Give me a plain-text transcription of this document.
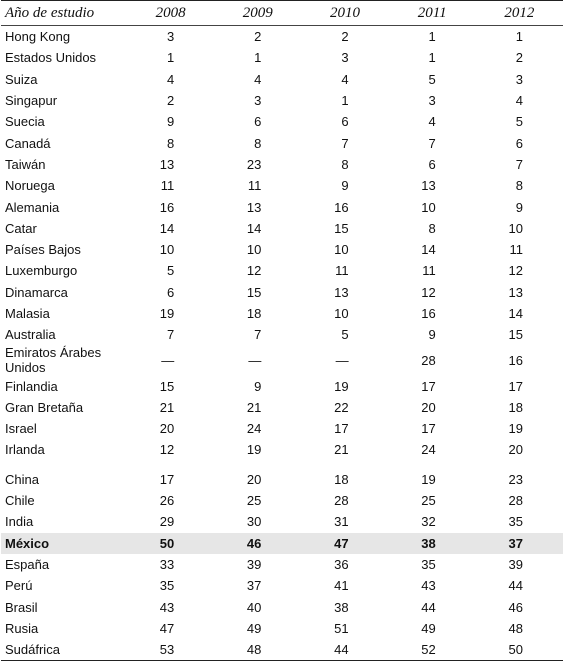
Año de estudio	2008	2009	2010	2011	2012
Hong Kong	3	2	2	1	1
Estados Unidos	1	1	3	1	2
Suiza	4	4	4	5	3
Singapur	2	3	1	3	4
Suecia	9	6	6	4	5
Canadá	8	8	7	7	6
Taiwán	13	23	8	6	7
Noruega	11	11	9	13	8
Alemania	16	13	16	10	9
Catar	14	14	15	8	10
Países Bajos	10	10	10	14	11
Luxemburgo	5	12	11	11	12
Dinamarca	6	15	13	12	13
Malasia	19	18	10	16	14
Australia	7	7	5	9	15
Emiratos Árabes Unidos	—	—	—	28	16
Finlandia	15	9	19	17	17
Gran Bretaña	21	21	22	20	18
Israel	20	24	17	17	19
Irlanda	12	19	21	24	20

China	17	20	18	19	23
Chile	26	25	28	25	28
India	29	30	31	32	35
México	50	46	47	38	37
España	33	39	36	35	39
Perú	35	37	41	43	44
Brasil	43	40	38	44	46
Rusia	47	49	51	49	48
Sudáfrica	53	48	44	52	50
